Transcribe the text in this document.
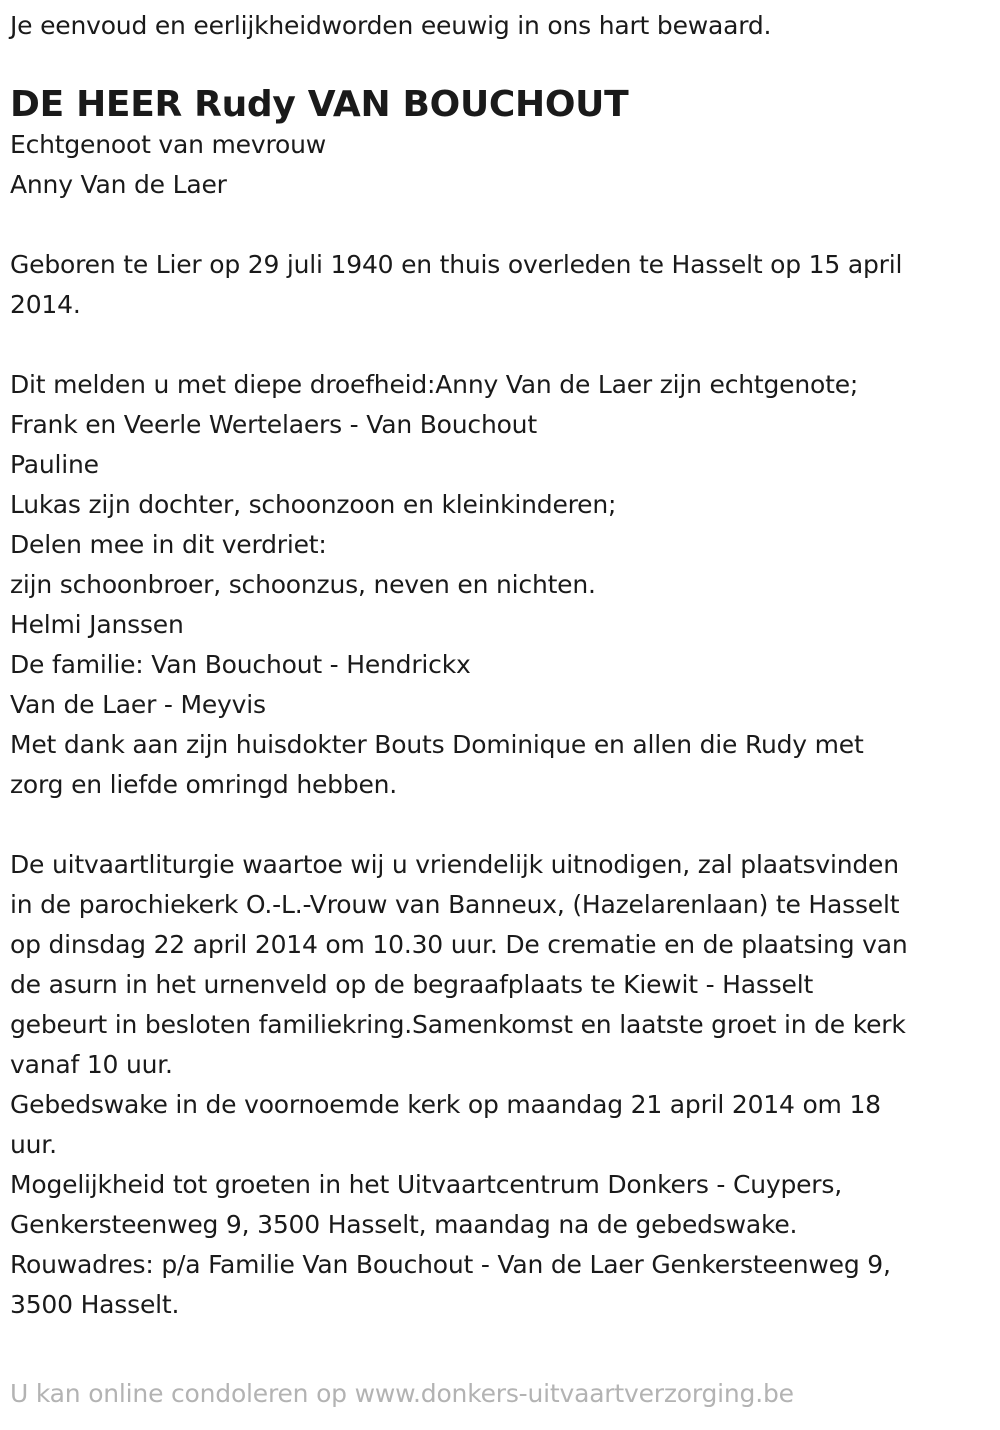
Je eenvoud en eerlijkheidworden eeuwig in ons hart bewaard.
DE HEER Rudy VAN BOUCHOUT
Echtgenoot van mevrouw
Anny Van de Laer
Geboren te Lier op 29 juli 1940 en thuis overleden te Hasselt op 15 april
2014.
Dit melden u met diepe droefheid:Anny Van de Laer zijn echtgenote;
Frank en Veerle Wertelaers - Van Bouchout
Pauline
Lukas zijn dochter, schoonzoon en kleinkinderen;
Delen mee in dit verdriet:
zijn schoonbroer, schoonzus, neven en nichten.
Helmi Janssen
De familie: Van Bouchout - Hendrickx
Van de Laer - Meyvis
Met dank aan zijn huisdokter Bouts Dominique en allen die Rudy met
zorg en liefde omringd hebben.
De uitvaartliturgie waartoe wij u vriendelijk uitnodigen, zal plaatsvinden
in de parochiekerk O.-L.-Vrouw van Banneux, (Hazelarenlaan) te Hasselt
op dinsdag 22 april 2014 om 10.30 uur. De crematie en de plaatsing van
de asurn in het urnenveld op de begraafplaats te Kiewit - Hasselt
gebeurt in besloten familiekring.Samenkomst en laatste groet in de kerk
vanaf 10 uur.
Gebedswake in de voornoemde kerk op maandag 21 april 2014 om 18
uur.
Mogelijkheid tot groeten in het Uitvaartcentrum Donkers - Cuypers,
Genkersteenweg 9, 3500 Hasselt, maandag na de gebedswake.
Rouwadres: p/a Familie Van Bouchout - Van de Laer Genkersteenweg 9,
3500 Hasselt.
U kan online condoleren op www.donkers-uitvaartverzorging.be
